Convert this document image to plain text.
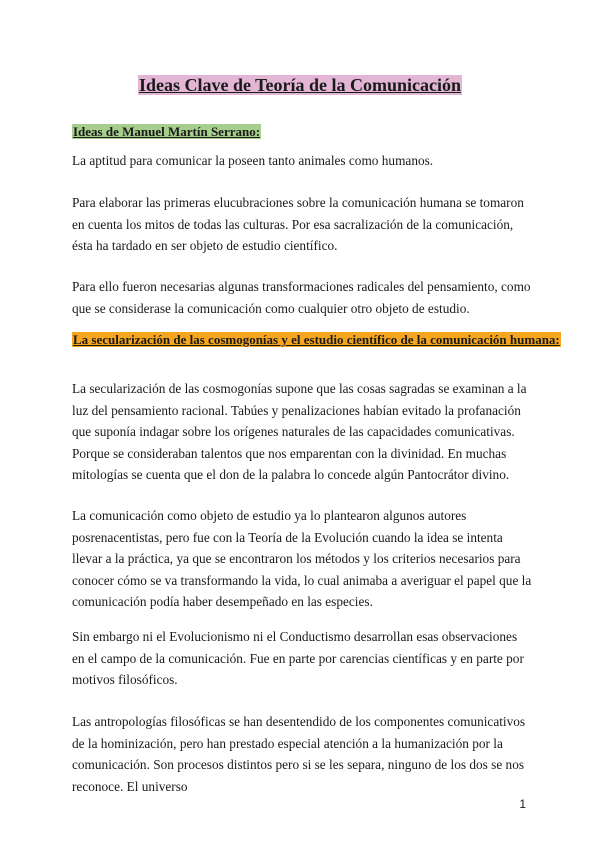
Ideas Clave de Teoría de la Comunicación
Ideas de Manuel Martín Serrano:
La aptitud para comunicar la poseen tanto animales como humanos.
Para elaborar las primeras elucubraciones sobre la comunicación humana se tomaron en cuenta los mitos de todas las culturas. Por esa sacralización de la comunicación, ésta ha tardado en ser objeto de estudio científico.
Para ello fueron necesarias algunas transformaciones radicales del pensamiento, como que se considerase la comunicación como cualquier otro objeto de estudio.
La secularización de las cosmogonías y el estudio científico de la comunicación humana:
La secularización de las cosmogonías supone que las cosas sagradas se examinan a la luz del pensamiento racional. Tabúes y penalizaciones habían evitado la profanación que suponía indagar sobre los orígenes naturales de las capacidades comunicativas. Porque se consideraban talentos que nos emparentan con la divinidad. En muchas mitologías se cuenta que el don de la palabra lo concede algún Pantocrátor divino.
La comunicación como objeto de estudio ya lo plantearon algunos autores posrenacentistas, pero fue con la Teoría de la Evolución cuando la idea se intenta llevar a la práctica, ya que se encontraron los métodos y los criterios necesarios para conocer cómo se va transformando la vida, lo cual animaba a averiguar el papel que la comunicación podía haber desempeñado en las especies.
Sin embargo ni el Evolucionismo ni el Conductismo desarrollan esas observaciones en el campo de la comunicación. Fue en parte por carencias científicas y en parte por motivos filosóficos.
Las antropologías filosóficas se han desentendido de los componentes comunicativos de la hominización, pero han prestado especial atención a la humanización por la comunicación. Son procesos distintos pero si se les separa, ninguno de los dos se nos reconoce. El universo
1
